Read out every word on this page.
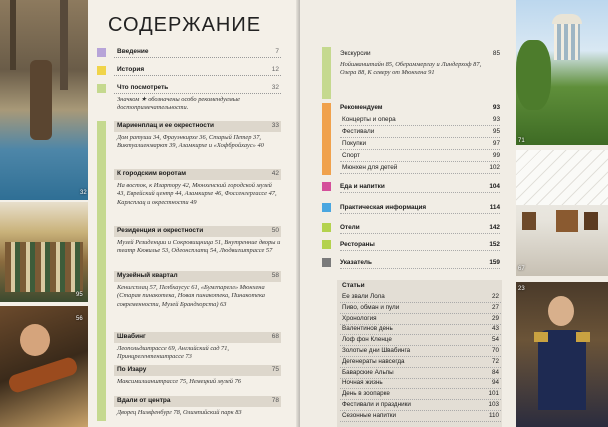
32
95
56
СОДЕРЖАНИЕ
Введение	7
История	12
Что посмотреть	32
Значком ★ обозначены особо рекомендуемые достопримечательности.
Мариенплац и ее окрестности	33
Дом ратуши 34, Фрауэнкирхе 36, Старый Петер 37, Виктуалиенмаркт 39, Азамкирхе и «Хофбройхаус» 40
К городским воротам	42
На восток, к Изартору 42, Мюнхенский городской музей 43, Еврейский центр 44, Азамкирхе 46, Фоссенгергассе 47, Карлсплац и окрестности 49
Резиденция и окрестности	50
Музей Резиденции и Сокровищница 51, Внутренние дворы и театр Кювилье 53, Одеонсплатц 54, Людвигштрассе 57
Музейный квартал	58
Кенигсплац 57, Пелбхаусус 61, «Бумгпарелл» Мюнхена (Старая пинакотека, Новая пинакотека, Пинакотека современности, Музей Брандхорста) 63
Швабинг	68
Леопольдштрассе 69, Английский сад 71, Принцрегентенштрассе 73
По Изару	75
Максимилианштрассе 75, Немецкий музей 76
Вдали от центра	78
Дворец Нимфенбург 78, Олимпийский парк 83
Экскурсии	85
Нойшванштайн 85, Обераммергау и Линдерхоф 87, Озера 88, К северу от Мюнхена 91
Рекомендуем	93
Концерты и опера	93
Фестивали	95
Покупки	97
Спорт	99
Мюнхен для детей	102
Еда и напитки	104
Практическая информация	114
Отели	142
Рестораны	152
Указатель	159
Статьи
Ее звали Лола	22
Пиво, обман и пули	27
Хронология	29
Валентинов день	43
Лоф фон Кленце	54
Золотые дни Швабинга	70
Дегенераты навсегда	72
Баварские Альпы	84
Ночная жизнь	94
День в зоопарке	101
Фестивали и праздники	103
Сезонные напитки	110
71
67
23
